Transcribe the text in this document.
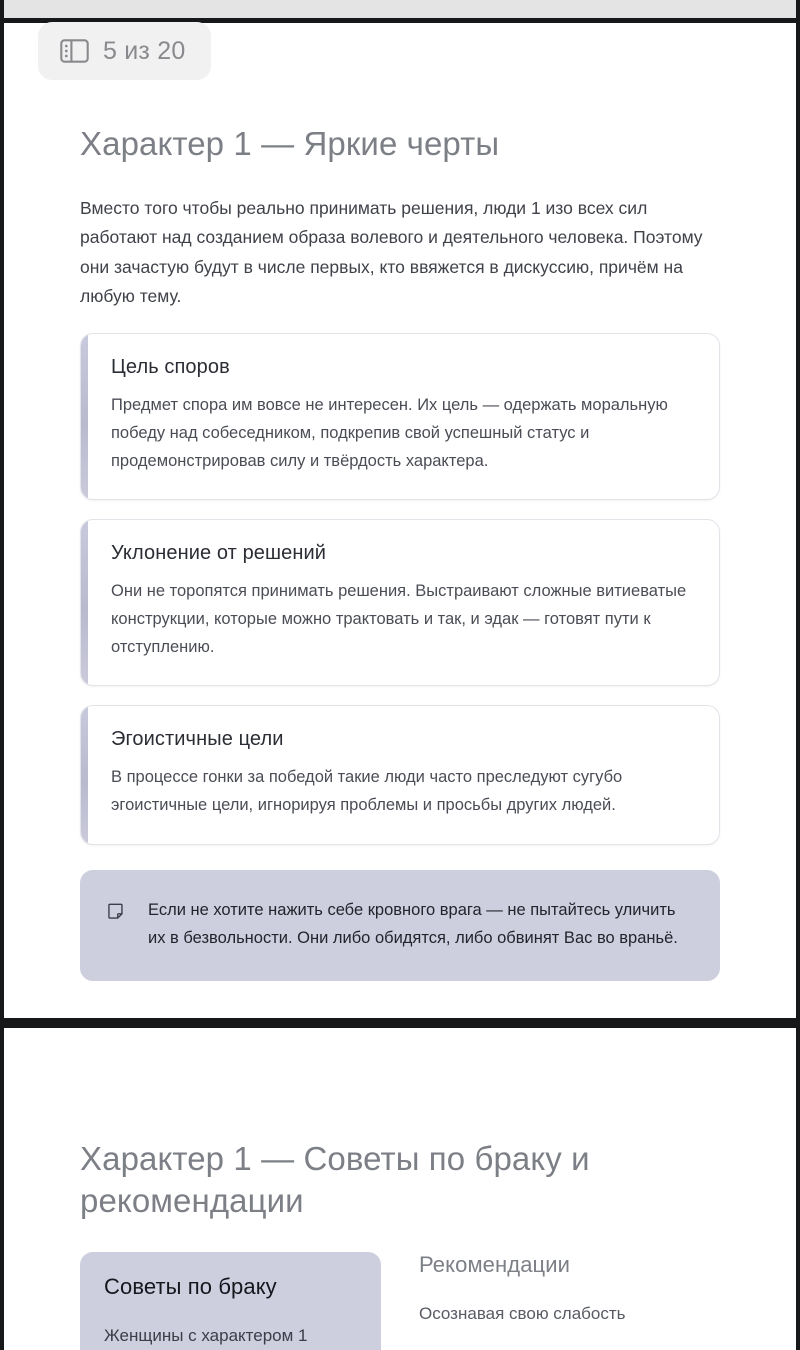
Характер 1 — Яркие черты

Вместо того чтобы реально принимать решения, люди 1 изо всех сил работают над созданием образа волевого и деятельного человека. Поэтому они зачастую будут в числе первых, кто ввяжется в дискуссию, причём на любую тему.

Цель споров

Предмет спора им вовсе не интересен. Их цель — одержать моральную победу над собеседником, подкрепив свой успешный статус и продемонстрировав силу и твёрдость характера.

Уклонение от решений

Они не торопятся принимать решения. Выстраивают сложные витиеватые конструкции, которые можно трактовать и так, и эдак — готовят пути к отступлению.

Эгоистичные цели

В процессе гонки за победой такие люди часто преследуют сугубо эгоистичные цели, игнорируя проблемы и просьбы других людей.

Если не хотите нажить себе кровного врага — не пытайтесь уличить их в безвольности. Они либо обидятся, либо обвинят Вас во враньё.

Характер 1 — Советы по браку и рекомендации
Советы по браку

Женщины с характером 1

Рекомендации

Осознавая свою слабость

5 из 20
